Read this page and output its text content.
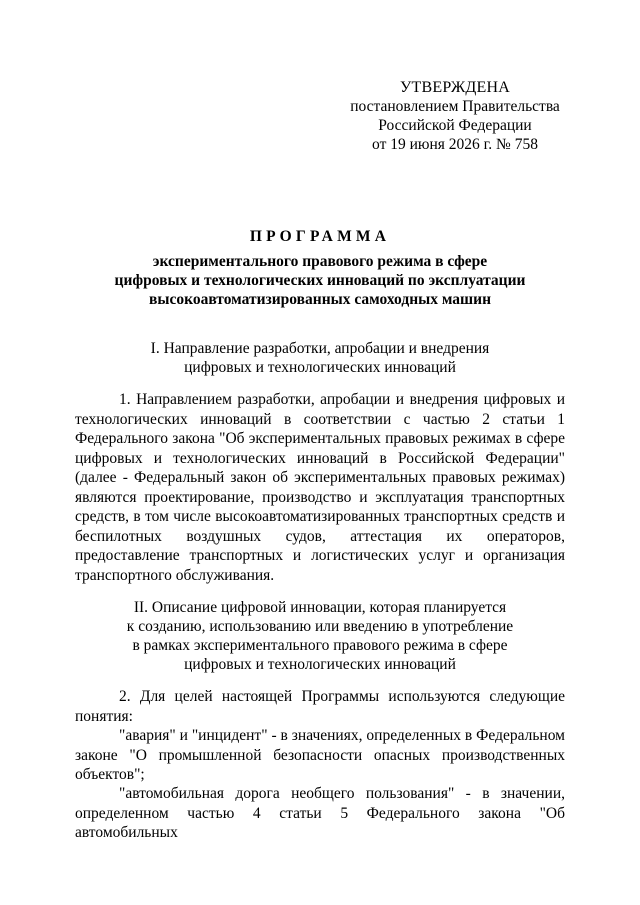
УТВЕРЖДЕНА
постановлением Правительства
Российской Федерации
от 19 июня 2026 г. № 758
ПРОГРАММА
экспериментального правового режима в сфере
цифровых и технологических инноваций по эксплуатации
высокоавтоматизированных самоходных машин
I. Направление разработки, апробации и внедрения
цифровых и технологических инноваций

1. Направлением разработки, апробации и внедрения цифровых и технологических инноваций в соответствии с частью 2 статьи 1 Федерального закона "Об экспериментальных правовых режимах в сфере цифровых и технологических инноваций в Российской Федерации" (далее - Федеральный закон об экспериментальных правовых режимах) являются проектирование, производство и эксплуатация транспортных средств, в том числе высокоавтоматизированных транспортных средств и беспилотных воздушных судов, аттестация их операторов, предоставление транспортных и логистических услуг и организация транспортного обслуживания.

II. Описание цифровой инновации, которая планируется
к созданию, использованию или введению в употребление
в рамках экспериментального правового режима в сфере
цифровых и технологических инноваций

2. Для целей настоящей Программы используются следующие понятия:

"авария" и "инцидент" - в значениях, определенных в Федеральном законе "О промышленной безопасности опасных производственных объектов";

"автомобильная дорога необщего пользования" - в значении, определенном частью 4 статьи 5 Федерального закона "Об автомобильных
